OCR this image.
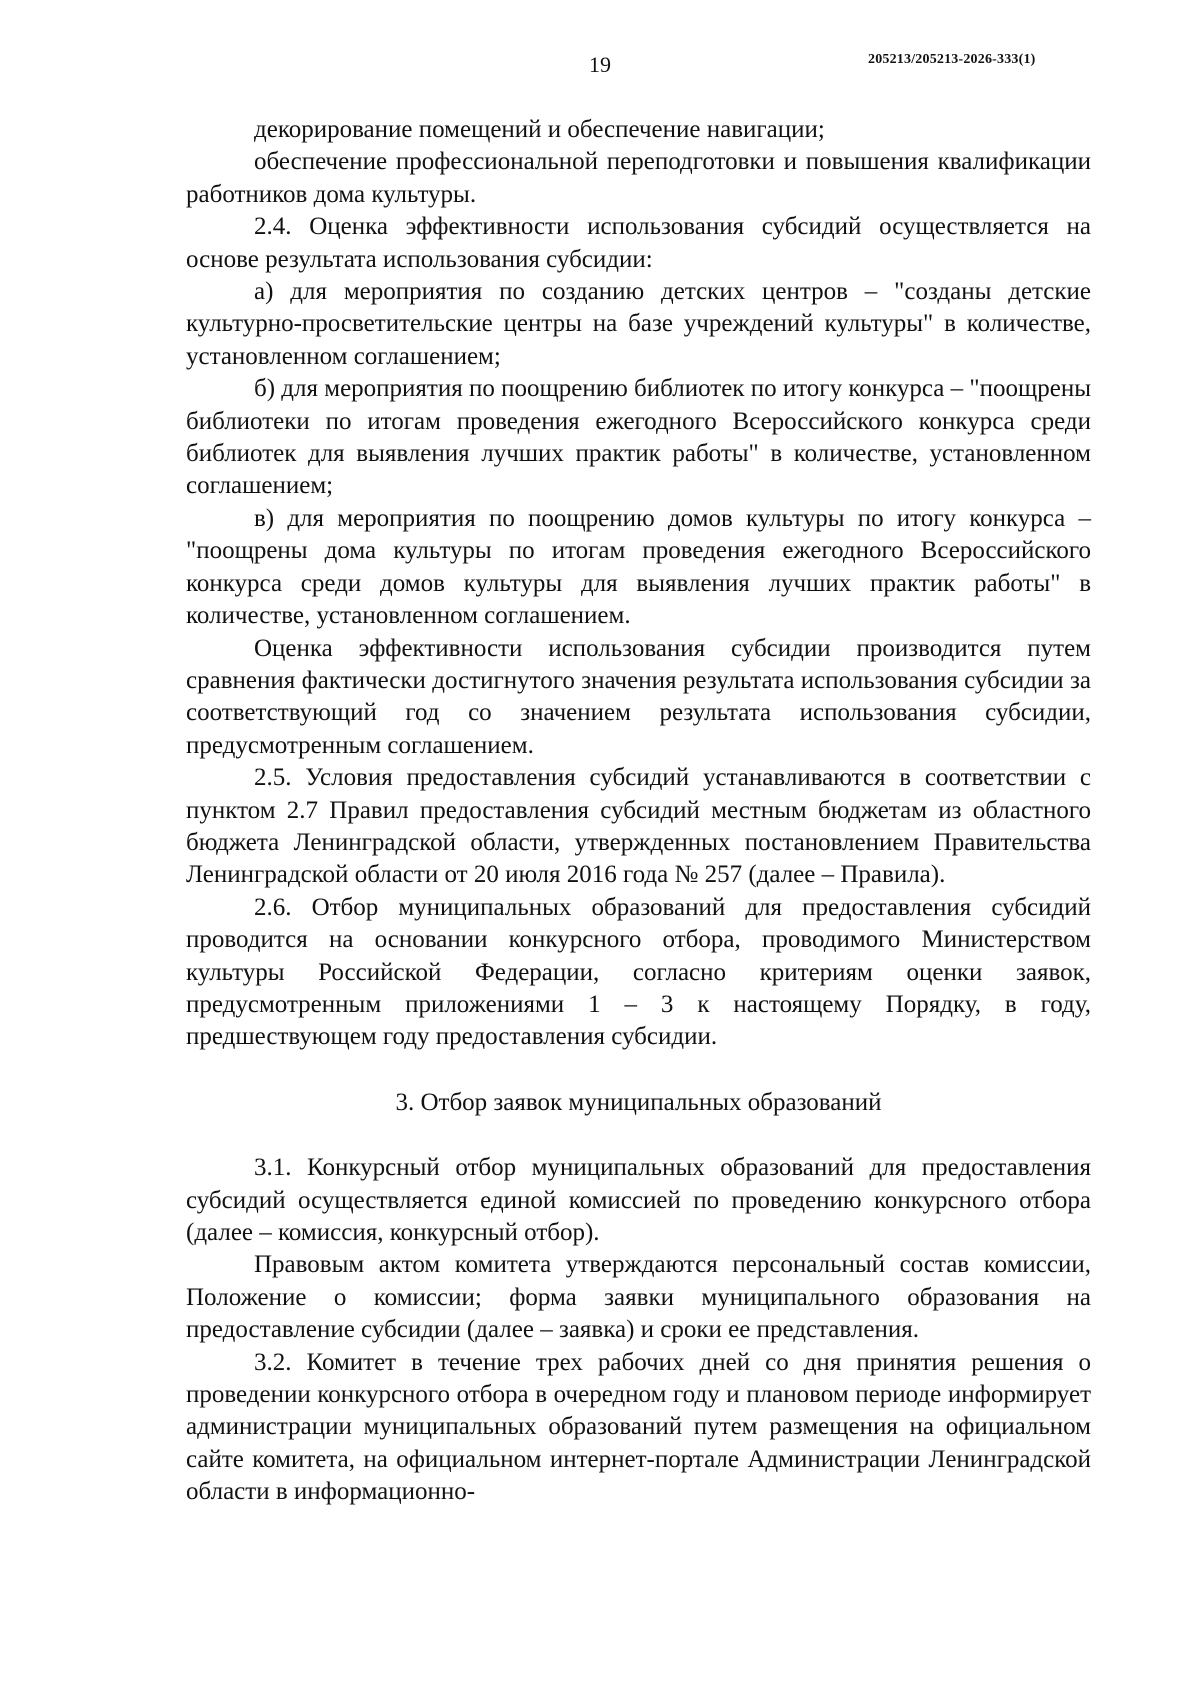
19	205213/205213-2026-333(1)

декорирование помещений и обеспечение навигации;

обеспечение профессиональной переподготовки и повышения квалификации работников дома культуры.

2.4. Оценка эффективности использования субсидий осуществляется на основе результата использования субсидии:

а) для мероприятия по созданию детских центров – "созданы детские культурно-просветительские центры на базе учреждений культуры" в количестве, установленном соглашением;

б) для мероприятия по поощрению библиотек по итогу конкурса – "поощрены библиотеки по итогам проведения ежегодного Всероссийского конкурса среди библиотек для выявления лучших практик работы" в количестве, установленном соглашением;

в) для мероприятия по поощрению домов культуры по итогу конкурса – "поощрены дома культуры по итогам проведения ежегодного Всероссийского конкурса среди домов культуры для выявления лучших практик работы" в количестве, установленном соглашением.

Оценка эффективности использования субсидии производится путем сравнения фактически достигнутого значения результата использования субсидии за соответствующий год со значением результата использования субсидии, предусмотренным соглашением.

2.5. Условия предоставления субсидий устанавливаются в соответствии с пунктом 2.7 Правил предоставления субсидий местным бюджетам из областного бюджета Ленинградской области, утвержденных постановлением Правительства Ленинградской области от 20 июля 2016 года № 257 (далее – Правила).

2.6. Отбор муниципальных образований для предоставления субсидий проводится на основании конкурсного отбора, проводимого Министерством культуры Российской Федерации, согласно критериям оценки заявок, предусмотренным приложениями 1 – 3 к настоящему Порядку, в году, предшествующем году предоставления субсидии.

3. Отбор заявок муниципальных образований

3.1. Конкурсный отбор муниципальных образований для предоставления субсидий осуществляется единой комиссией по проведению конкурсного отбора (далее – комиссия, конкурсный отбор).

Правовым актом комитета утверждаются персональный состав комиссии, Положение о комиссии; форма заявки муниципального образования на предоставление субсидии (далее – заявка) и сроки ее представления.

3.2. Комитет в течение трех рабочих дней со дня принятия решения о проведении конкурсного отбора в очередном году и плановом периоде информирует администрации муниципальных образований путем размещения на официальном сайте комитета, на официальном интернет-портале Администрации Ленинградской области в информационно-
